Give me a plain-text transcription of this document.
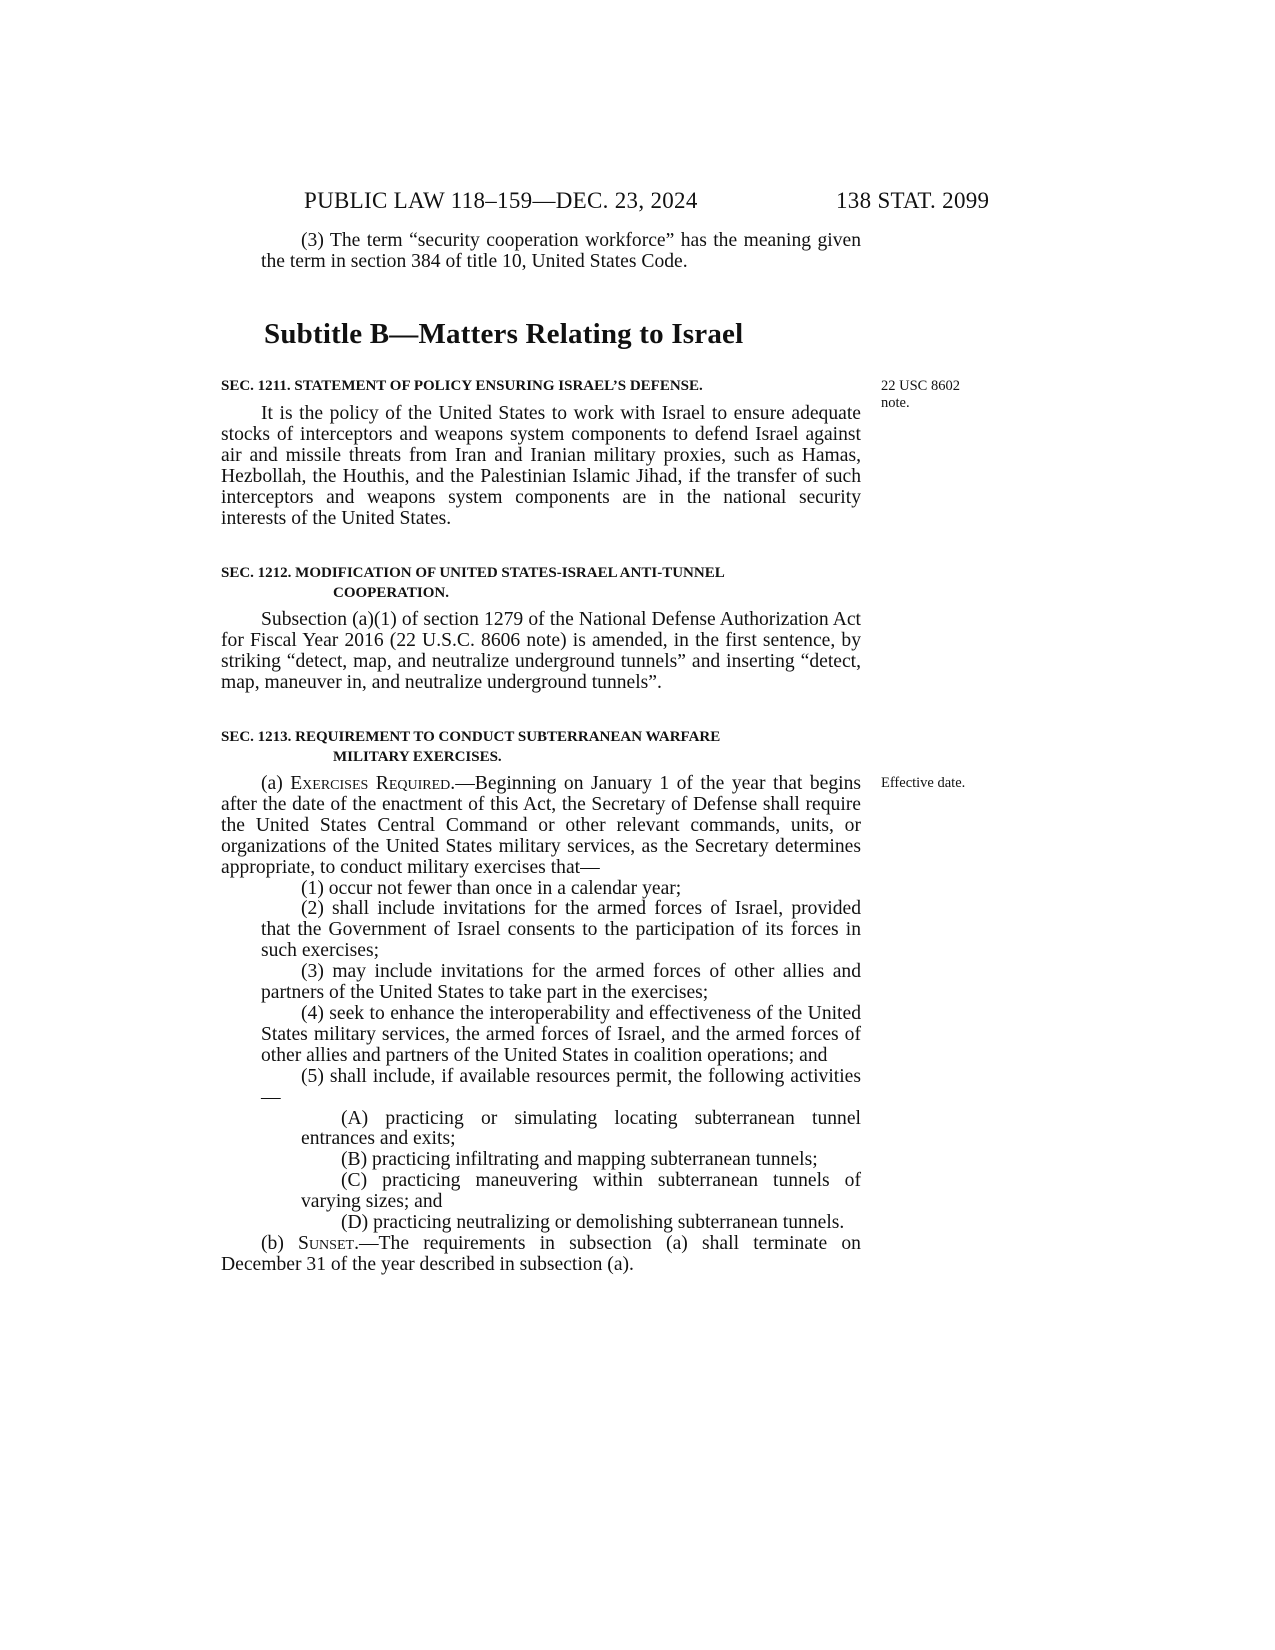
PUBLIC LAW 118–159—DEC. 23, 2024	138 STAT. 2099

(3) The term “security cooperation workforce” has the meaning given the term in section 384 of title 10, United States Code.

Subtitle B—Matters Relating to Israel
SEC. 1211. STATEMENT OF POLICY ENSURING ISRAEL’S DEFENSE.

It is the policy of the United States to work with Israel to ensure adequate stocks of interceptors and weapons system components to defend Israel against air and missile threats from Iran and Iranian military proxies, such as Hamas, Hezbollah, the Houthis, and the Palestinian Islamic Jihad, if the transfer of such interceptors and weapons system components are in the national security interests of the United States.

22 USC 8602
note.
SEC. 1212. MODIFICATION OF UNITED STATES-ISRAEL ANTI-TUNNEL
COOPERATION.

Subsection (a)(1) of section 1279 of the National Defense Authorization Act for Fiscal Year 2016 (22 U.S.C. 8606 note) is amended, in the first sentence, by striking “detect, map, and neutralize underground tunnels” and inserting “detect, map, maneuver in, and neutralize underground tunnels”.

SEC. 1213. REQUIREMENT TO CONDUCT SUBTERRANEAN WARFARE
MILITARY EXERCISES.

(a) Exercises Required.—Beginning on January 1 of the year that begins after the date of the enactment of this Act, the Secretary of Defense shall require the United States Central Command or other relevant commands, units, or organizations of the United States military services, as the Secretary determines appropriate, to conduct military exercises that—

(1) occur not fewer than once in a calendar year;

(2) shall include invitations for the armed forces of Israel, provided that the Government of Israel consents to the participation of its forces in such exercises;

(3) may include invitations for the armed forces of other allies and partners of the United States to take part in the exercises;

(4) seek to enhance the interoperability and effectiveness of the United States military services, the armed forces of Israel, and the armed forces of other allies and partners of the United States in coalition operations; and

(5) shall include, if available resources permit, the following activities—

(A) practicing or simulating locating subterranean tunnel entrances and exits;

(B) practicing infiltrating and mapping subterranean tunnels;

(C) practicing maneuvering within subterranean tunnels of varying sizes; and

(D) practicing neutralizing or demolishing subterranean tunnels.

(b) Sunset.—The requirements in subsection (a) shall terminate on December 31 of the year described in subsection (a).

Effective date.
